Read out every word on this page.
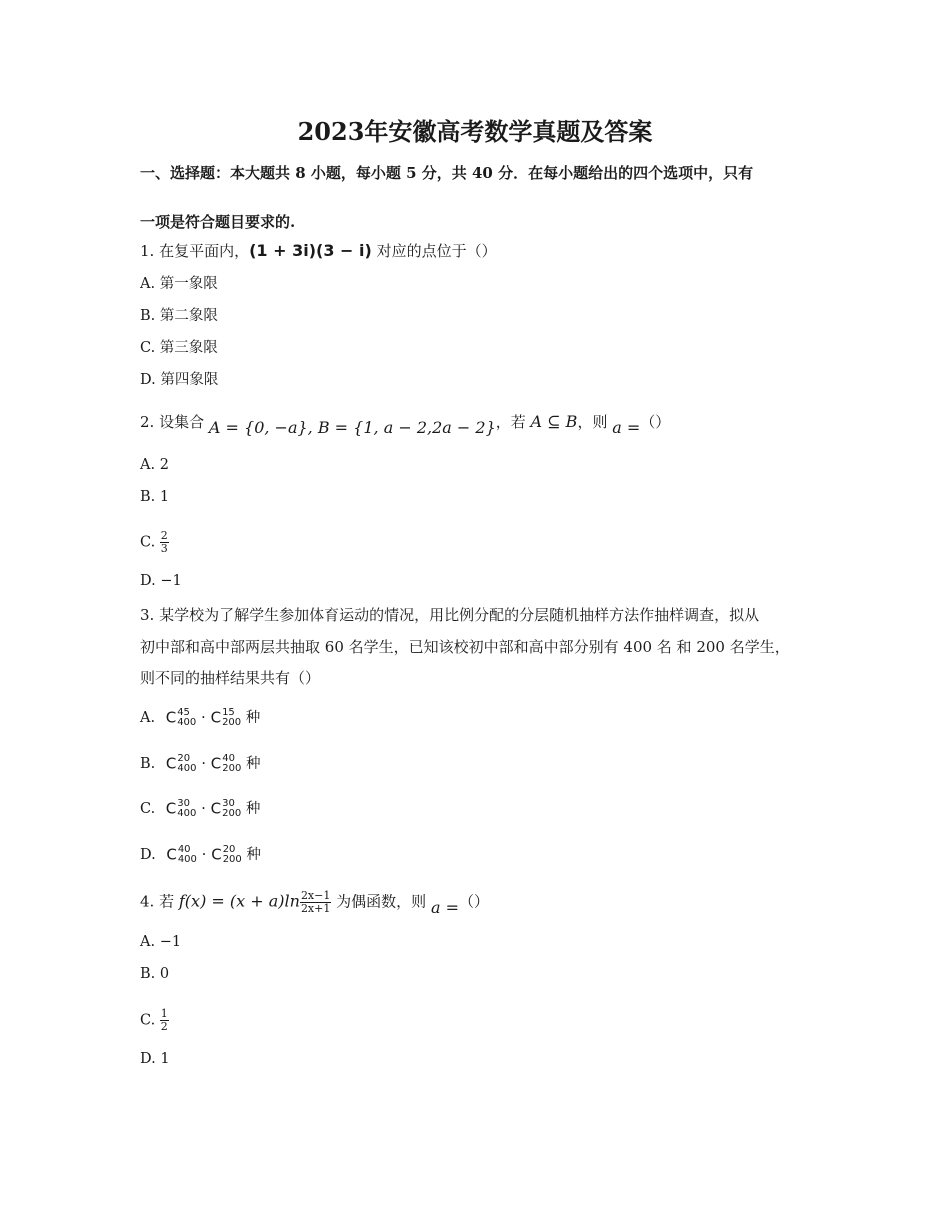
2023年安徽高考数学真题及答案
一、选择题：本大题共 8 小题，每小题 5 分，共 40 分．在每小题给出的四个选项中，只有
一项是符合题目要求的.
1. 在复平面内，(1 + 3i)(3 − i) 对应的点位于（）
A. 第一象限
B. 第二象限
C. 第三象限
D. 第四象限
2. 设集合 A = {0, −a}, B = {1, a − 2,2a − 2}，若 A ⊆ B，则 a =（）
A. 2
B. 1
C. $\frac{2}{3}$
D. −1
3. 某学校为了解学生参加体育运动的情况，用比例分配的分层随机抽样方法作抽样调查，拟从
初中部和高中部两层共抽取 60 名学生，已知该校初中部和高中部分别有 400 名 和 200 名学生，
则不同的抽样结果共有（）
A. C 45
400 · C 15
200 种
B. C 20
400 · C 40
200 种
C. C 30
400 · C 30
200 种
D. C 40
400 · C 20
200 种
4. 若 $f(x) = (x + a)\ln \frac{2x-1}{2x+1}$ 为偶函数，则 a =（）
A. −1
B. 0
C. $\frac{1}{2}$
D. 1
